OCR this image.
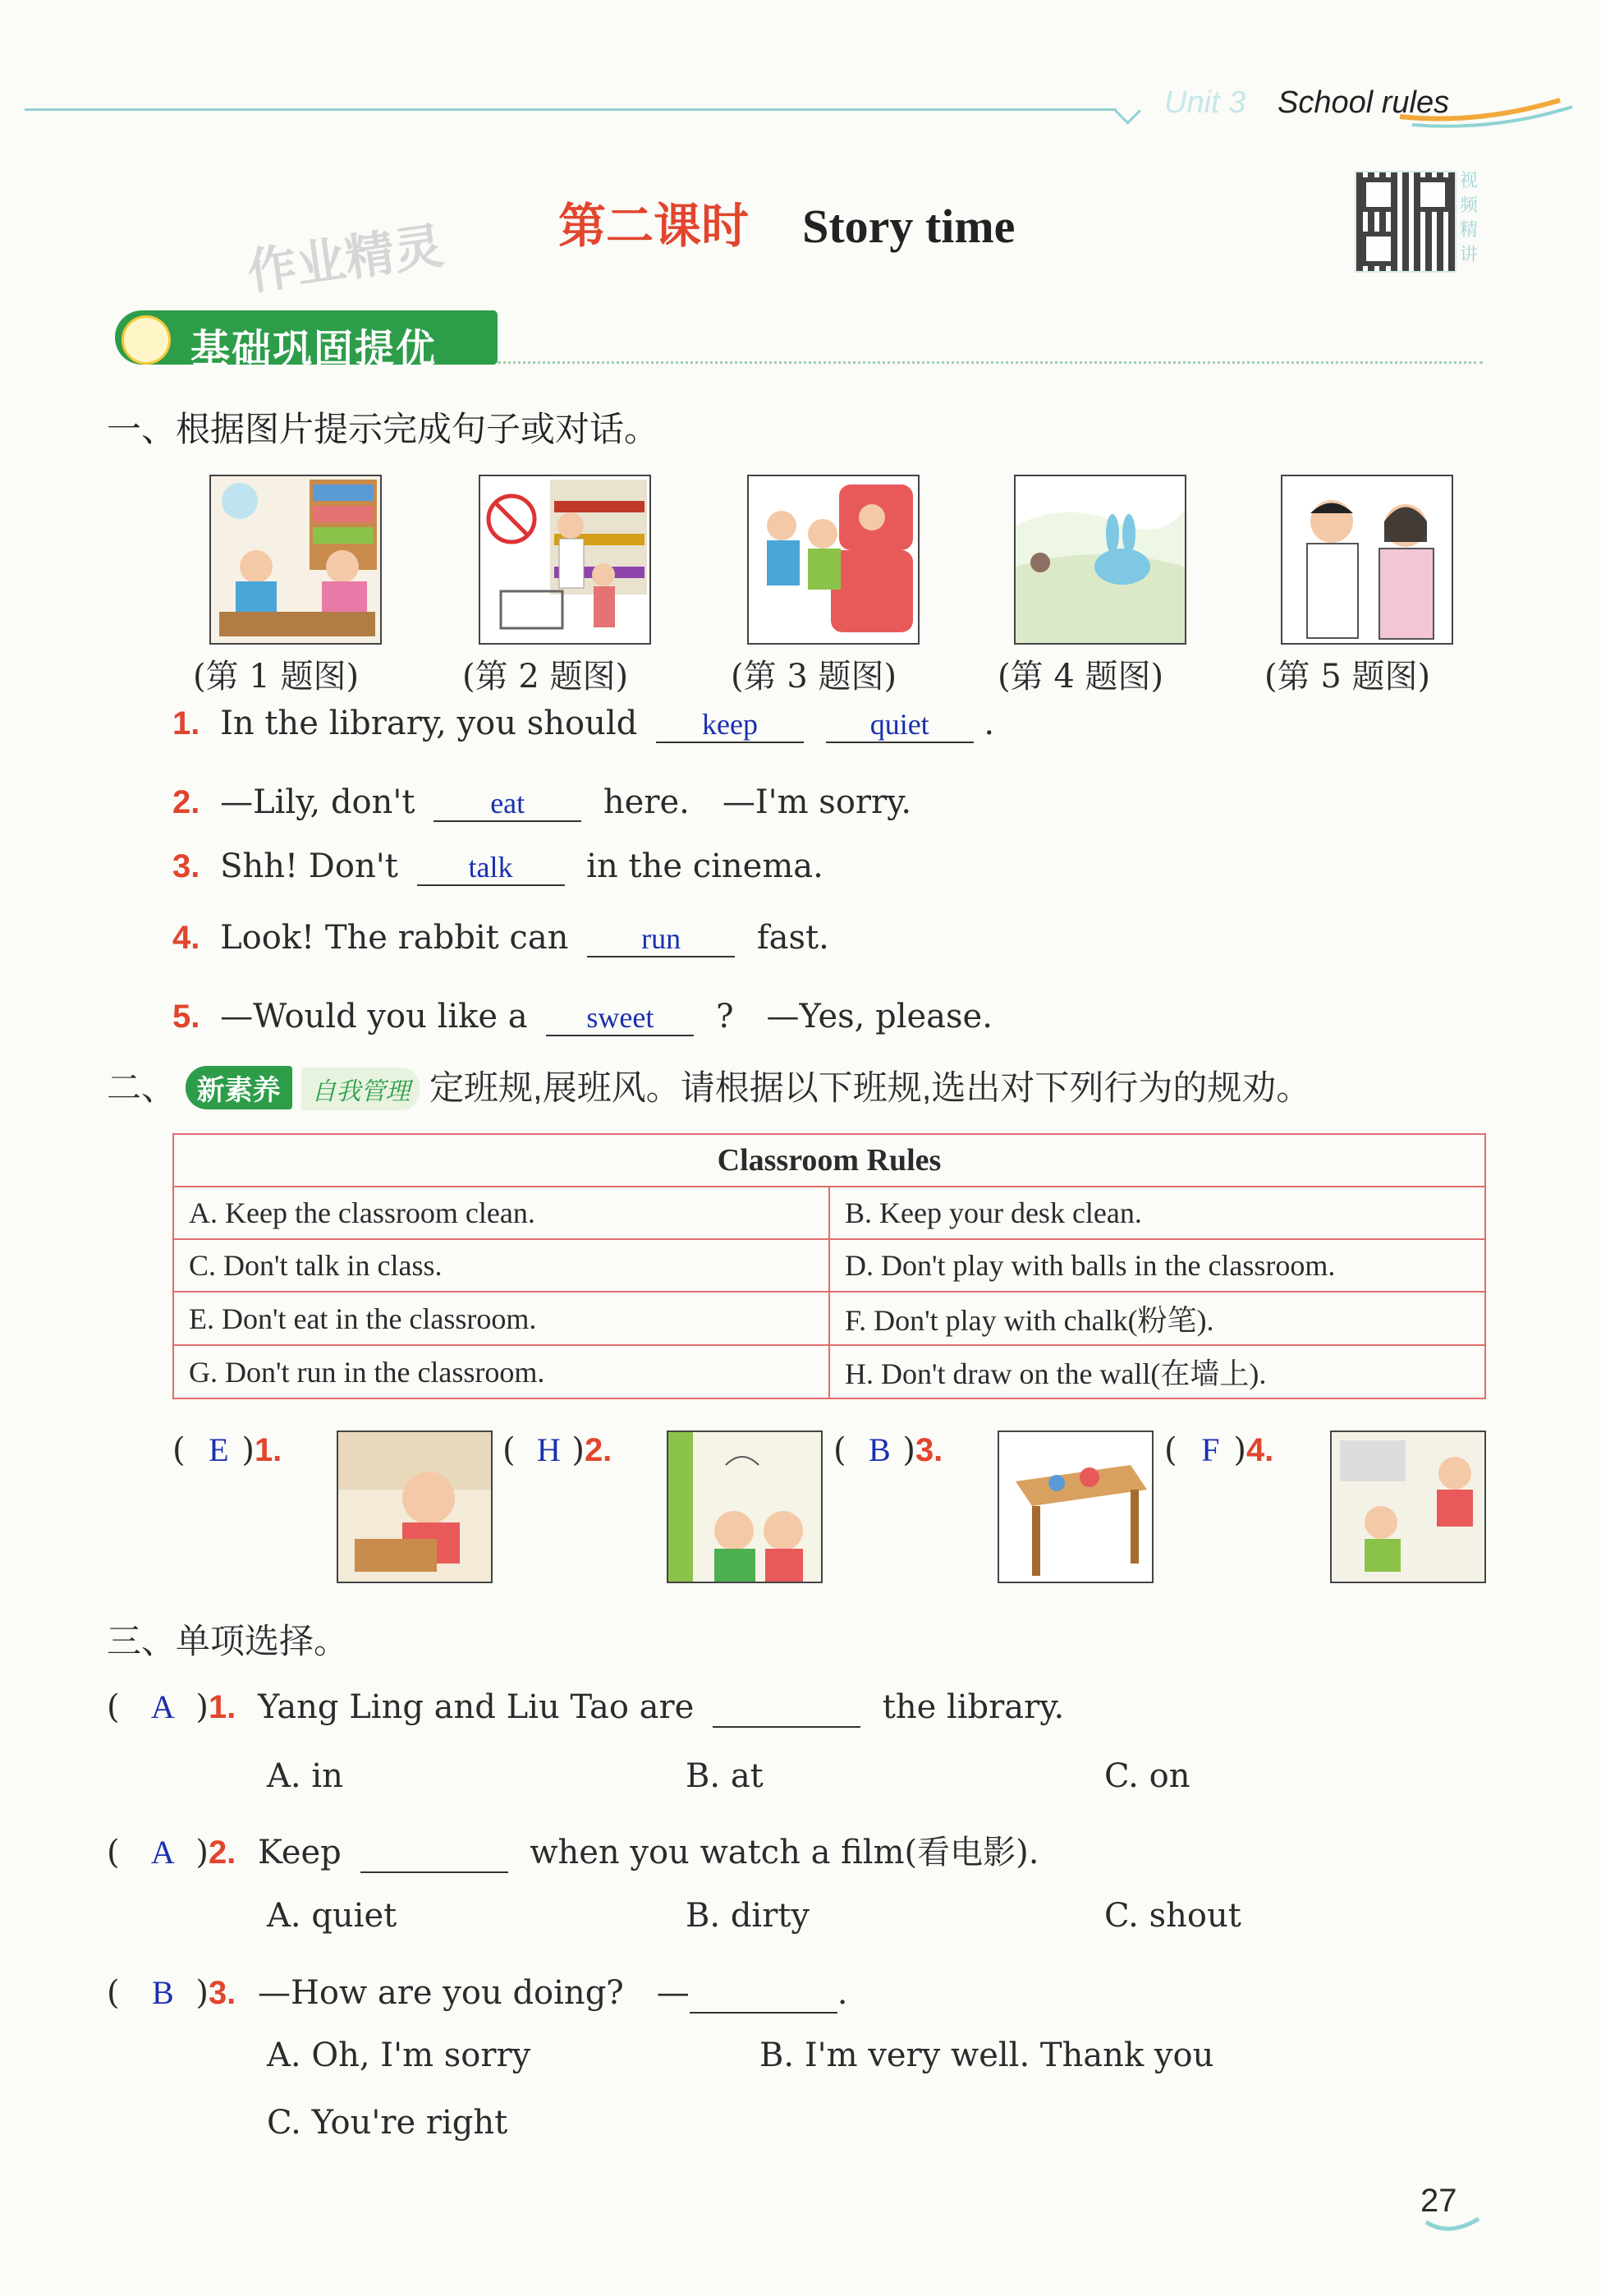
Unit 3 School rules
第二课时 Story time
作业精灵
视频精讲
基础巩固提优
一、根据图片提示完成句子或对话。
(第 1 题图)	(第 2 题图)	(第 3 题图)	(第 4 题图)	(第 5 题图)
1. In the library, you should keep	quiet .
2. —Lily, don't	eat here.　—I'm sorry.
3. Shh! Don't talk in the cinema.
4. Look! The rabbit can run fast.
5. —Would you like a sweet ?　—Yes, please.
二、 新素养 自我管理 定班规,展班风。请根据以下班规,选出对下列行为的规劝。
Classroom Rules	
A. Keep the classroom clean.	B. Keep your desk clean.
C. Don't talk in class.	D. Don't play with balls in the classroom.
E. Don't eat in the classroom.	F. Don't play with chalk(粉笔).
G. Don't run in the classroom.	H. Don't draw on the wall(在墙上).
( E )1.	( H )2.	( B )3.	( F )4.
三、单项选择。
( A )1. Yang Ling and Liu Tao are	the library.
A. in	B. at	C. on
( A )2. Keep	when you watch a film(看电影).
A. quiet	B. dirty	C. shout
( B )3. —How are you doing?　—	.
A. Oh, I'm sorry	B. I'm very well. Thank you
C. You're right
27
